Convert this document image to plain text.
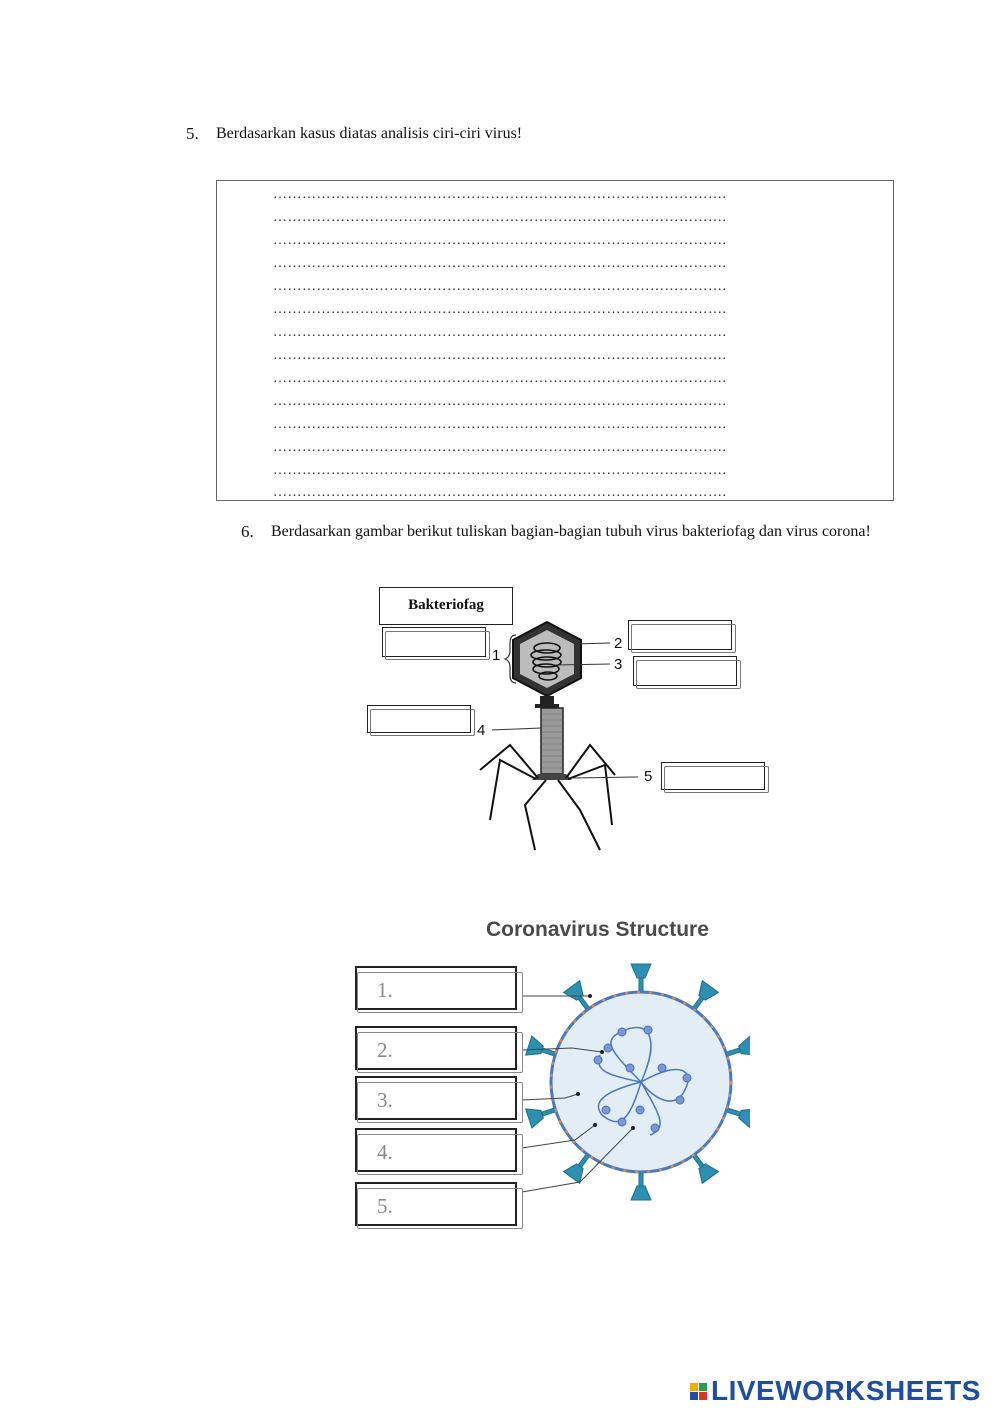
5. Berdasarkan kasus diatas analisis ciri-ciri virus!
………………………………………………………………………………….
………………………………………………………………………………….
………………………………………………………………………………….
………………………………………………………………………………….
………………………………………………………………………………….
………………………………………………………………………………….
………………………………………………………………………………….
………………………………………………………………………………….
………………………………………………………………………………….
………………………………………………………………………………….
………………………………………………………………………………….
………………………………………………………………………………….
………………………………………………………………………………….
………………………………………………………………………………….
6. Berdasarkan gambar berikut tuliskan bagian-bagian tubuh virus bakteriofag dan virus corona!
Bakteriofag
1
2
3
4
5
Coronavirus Structure
1.
2.
3.
4.
5.
LIVEWORKSHEETS
